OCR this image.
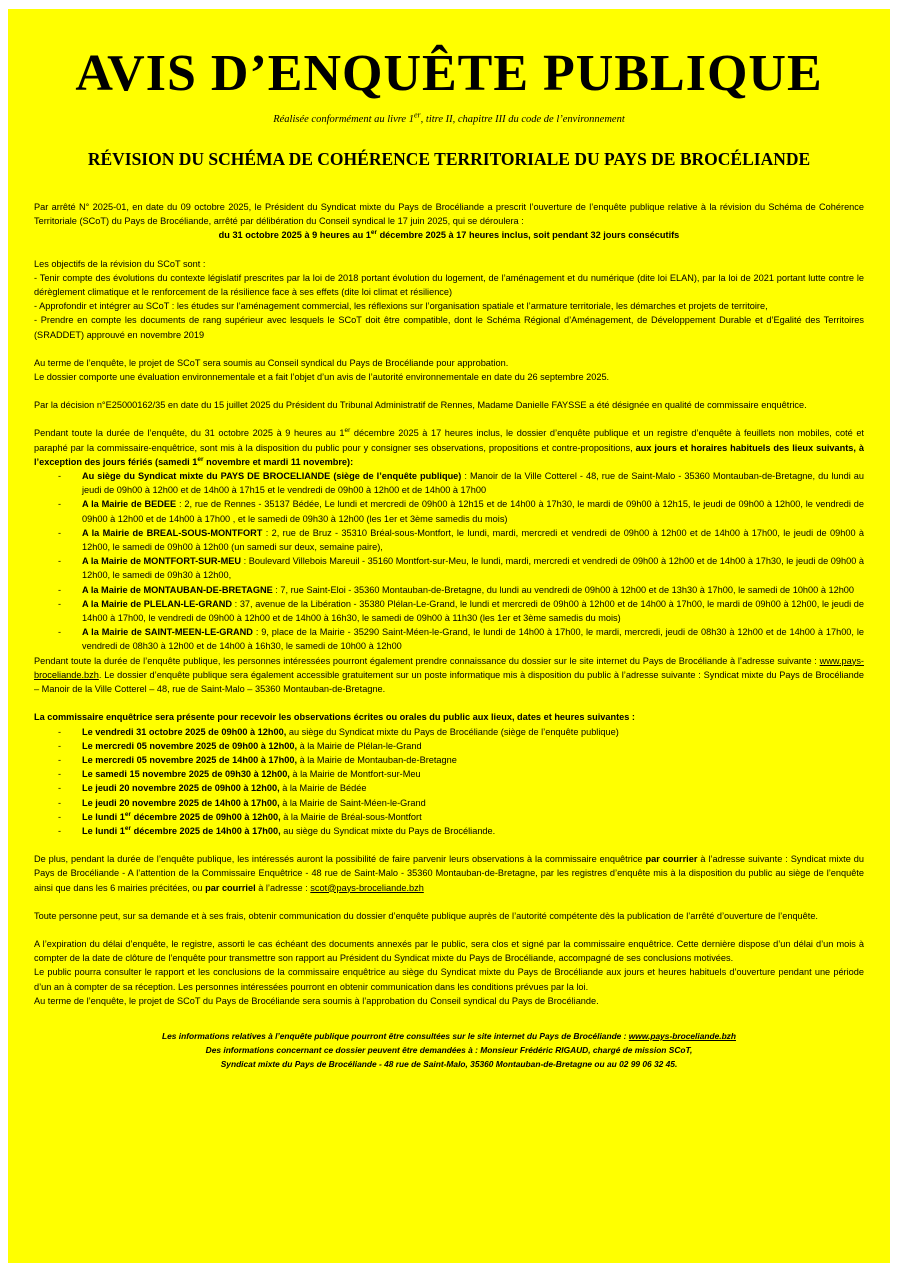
AVIS D’ENQUÊTE PUBLIQUE
Réalisée conformément au livre 1er, titre II, chapitre III du code de l’environnement
RÉVISION DU SCHÉMA DE COHÉRENCE TERRITORIALE DU PAYS DE BROCÉLIANDE

Par arrêté N° 2025-01, en date du 09 octobre 2025, le Président du Syndicat mixte du Pays de Brocéliande a prescrit l’ouverture de l’enquête publique relative à la révision du Schéma de Cohérence Territoriale (SCoT) du Pays de Brocéliande, arrêté par délibération du Conseil syndical le 17 juin 2025, qui se déroulera :

du 31 octobre 2025 à 9 heures au 1er décembre 2025 à 17 heures inclus, soit pendant 32 jours consécutifs

Les objectifs de la révision du SCoT sont :

- Tenir compte des évolutions du contexte législatif prescrites par la loi de 2018 portant évolution du logement, de l’aménagement et du numérique (dite loi ELAN), par la loi de 2021 portant lutte contre le dérèglement climatique et le renforcement de la résilience face à ses effets (dite loi climat et résilience)

- Approfondir et intégrer au SCoT : les études sur l’aménagement commercial, les réflexions sur l’organisation spatiale et l’armature territoriale, les démarches et projets de territoire,

- Prendre en compte les documents de rang supérieur avec lesquels le SCoT doit être compatible, dont le Schéma Régional d’Aménagement, de Développement Durable et d’Egalité des Territoires (SRADDET) approuvé en novembre 2019

Au terme de l’enquête, le projet de SCoT sera soumis au Conseil syndical du Pays de Brocéliande pour approbation.

Le dossier comporte une évaluation environnementale et a fait l’objet d’un avis de l’autorité environnementale en date du 26 septembre 2025.

Par la décision n°E25000162/35 en date du 15 juillet 2025 du Président du Tribunal Administratif de Rennes, Madame Danielle FAYSSE a été désignée en qualité de commissaire enquêtrice.

Pendant toute la durée de l’enquête, du 31 octobre 2025 à 9 heures au 1er décembre 2025 à 17 heures inclus, le dossier d’enquête publique et un registre d’enquête à feuillets non mobiles, coté et paraphé par la commissaire-enquêtrice, sont mis à la disposition du public pour y consigner ses observations, propositions et contre-propositions, aux jours et horaires habituels des lieux suivants, à l’exception des jours fériés (samedi 1er novembre et mardi 11 novembre):

- Au siège du Syndicat mixte du PAYS DE BROCELIANDE (siège de l’enquête publique) : Manoir de la Ville Cotterel - 48, rue de Saint-Malo - 35360 Montauban-de-Bretagne, du lundi au jeudi de 09h00 à 12h00 et de 14h00 à 17h15 et le vendredi de 09h00 à 12h00 et de 14h00 à 17h00
- A la Mairie de BEDEE : 2, rue de Rennes - 35137 Bédée, Le lundi et mercredi de 09h00 à 12h15 et de 14h00 à 17h30, le mardi de 09h00 à 12h15, le jeudi de 09h00 à 12h00, le vendredi de 09h00 à 12h00 et de 14h00 à 17h00 , et le samedi de 09h30 à 12h00 (les 1er et 3ème samedis du mois)
- A la Mairie de BREAL-SOUS-MONTFORT : 2, rue de Bruz - 35310 Bréal-sous-Montfort, le lundi, mardi, mercredi et vendredi de 09h00 à 12h00 et de 14h00 à 17h00, le jeudi de 09h00 à 12h00, le samedi de 09h00 à 12h00 (un samedi sur deux, semaine paire),
- A la Mairie de MONTFORT-SUR-MEU : Boulevard Villebois Mareuil - 35160 Montfort-sur-Meu, le lundi, mardi, mercredi et vendredi de 09h00 à 12h00 et de 14h00 à 17h30, le jeudi de 09h00 à 12h00, le samedi de 09h30 à 12h00,
- A la Mairie de MONTAUBAN-DE-BRETAGNE : 7, rue Saint-Eloi - 35360 Montauban-de-Bretagne, du lundi au vendredi de 09h00 à 12h00 et de 13h30 à 17h00, le samedi de 10h00 à 12h00
- A la Mairie de PLELAN-LE-GRAND : 37, avenue de la Libération - 35380 Plélan-Le-Grand, le lundi et mercredi de 09h00 à 12h00 et de 14h00 à 17h00, le mardi de 09h00 à 12h00, le jeudi de 14h00 à 17h00, le vendredi de 09h00 à 12h00 et de 14h00 à 16h30, le samedi de 09h00 à 11h30 (les 1er et 3ème samedis du mois)
- A la Mairie de SAINT-MEEN-LE-GRAND : 9, place de la Mairie - 35290 Saint-Méen-le-Grand, le lundi de 14h00 à 17h00, le mardi, mercredi, jeudi de 08h30 à 12h00 et de 14h00 à 17h00, le vendredi de 08h30 à 12h00 et de 14h00 à 16h30, le samedi de 10h00 à 12h00

Pendant toute la durée de l’enquête publique, les personnes intéressées pourront également prendre connaissance du dossier sur le site internet du Pays de Brocéliande à l’adresse suivante : www.pays-broceliande.bzh. Le dossier d’enquête publique sera également accessible gratuitement sur un poste informatique mis à disposition du public à l’adresse suivante : Syndicat mixte du Pays de Brocéliande – Manoir de la Ville Cotterel – 48, rue de Saint-Malo – 35360 Montauban-de-Bretagne.

La commissaire enquêtrice sera présente pour recevoir les observations écrites ou orales du public aux lieux, dates et heures suivantes :

- Le vendredi 31 octobre 2025 de 09h00 à 12h00, au siège du Syndicat mixte du Pays de Brocéliande (siège de l’enquête publique)
- Le mercredi 05 novembre 2025 de 09h00 à 12h00, à la Mairie de Plélan-le-Grand
- Le mercredi 05 novembre 2025 de 14h00 à 17h00, à la Mairie de Montauban-de-Bretagne
- Le samedi 15 novembre 2025 de 09h30 à 12h00, à la Mairie de Montfort-sur-Meu
- Le jeudi 20 novembre 2025 de 09h00 à 12h00, à la Mairie de Bédée
- Le jeudi 20 novembre 2025 de 14h00 à 17h00, à la Mairie de Saint-Méen-le-Grand
- Le lundi 1er décembre 2025 de 09h00 à 12h00, à la Mairie de Bréal-sous-Montfort
- Le lundi 1er décembre 2025 de 14h00 à 17h00, au siège du Syndicat mixte du Pays de Brocéliande.

De plus, pendant la durée de l’enquête publique, les intéressés auront la possibilité de faire parvenir leurs observations à la commissaire enquêtrice par courrier à l’adresse suivante : Syndicat mixte du Pays de Brocéliande - A l’attention de la Commissaire Enquêtrice - 48 rue de Saint-Malo - 35360 Montauban-de-Bretagne, par les registres d’enquête mis à la disposition du public au siège de l’enquête ainsi que dans les 6 mairies précitées, ou par courriel à l’adresse : scot@pays-broceliande.bzh

Toute personne peut, sur sa demande et à ses frais, obtenir communication du dossier d’enquête publique auprès de l’autorité compétente dès la publication de l’arrêté d’ouverture de l’enquête.

A l’expiration du délai d’enquête, le registre, assorti le cas échéant des documents annexés par le public, sera clos et signé par la commissaire enquêtrice. Cette dernière dispose d’un délai d’un mois à compter de la date de clôture de l’enquête pour transmettre son rapport au Président du Syndicat mixte du Pays de Brocéliande, accompagné de ses conclusions motivées.

Le public pourra consulter le rapport et les conclusions de la commissaire enquêtrice au siège du Syndicat mixte du Pays de Brocéliande aux jours et heures habituels d’ouverture pendant une période d’un an à compter de sa réception. Les personnes intéressées pourront en obtenir communication dans les conditions prévues par la loi.

Au terme de l’enquête, le projet de SCoT du Pays de Brocéliande sera soumis à l’approbation du Conseil syndical du Pays de Brocéliande.

Les informations relatives à l’enquête publique pourront être consultées sur le site internet du Pays de Brocéliande : www.pays-broceliande.bzh
Des informations concernant ce dossier peuvent être demandées à : Monsieur Frédéric RIGAUD, chargé de mission SCoT,
Syndicat mixte du Pays de Brocéliande - 48 rue de Saint-Malo, 35360 Montauban-de-Bretagne ou au 02 99 06 32 45.
